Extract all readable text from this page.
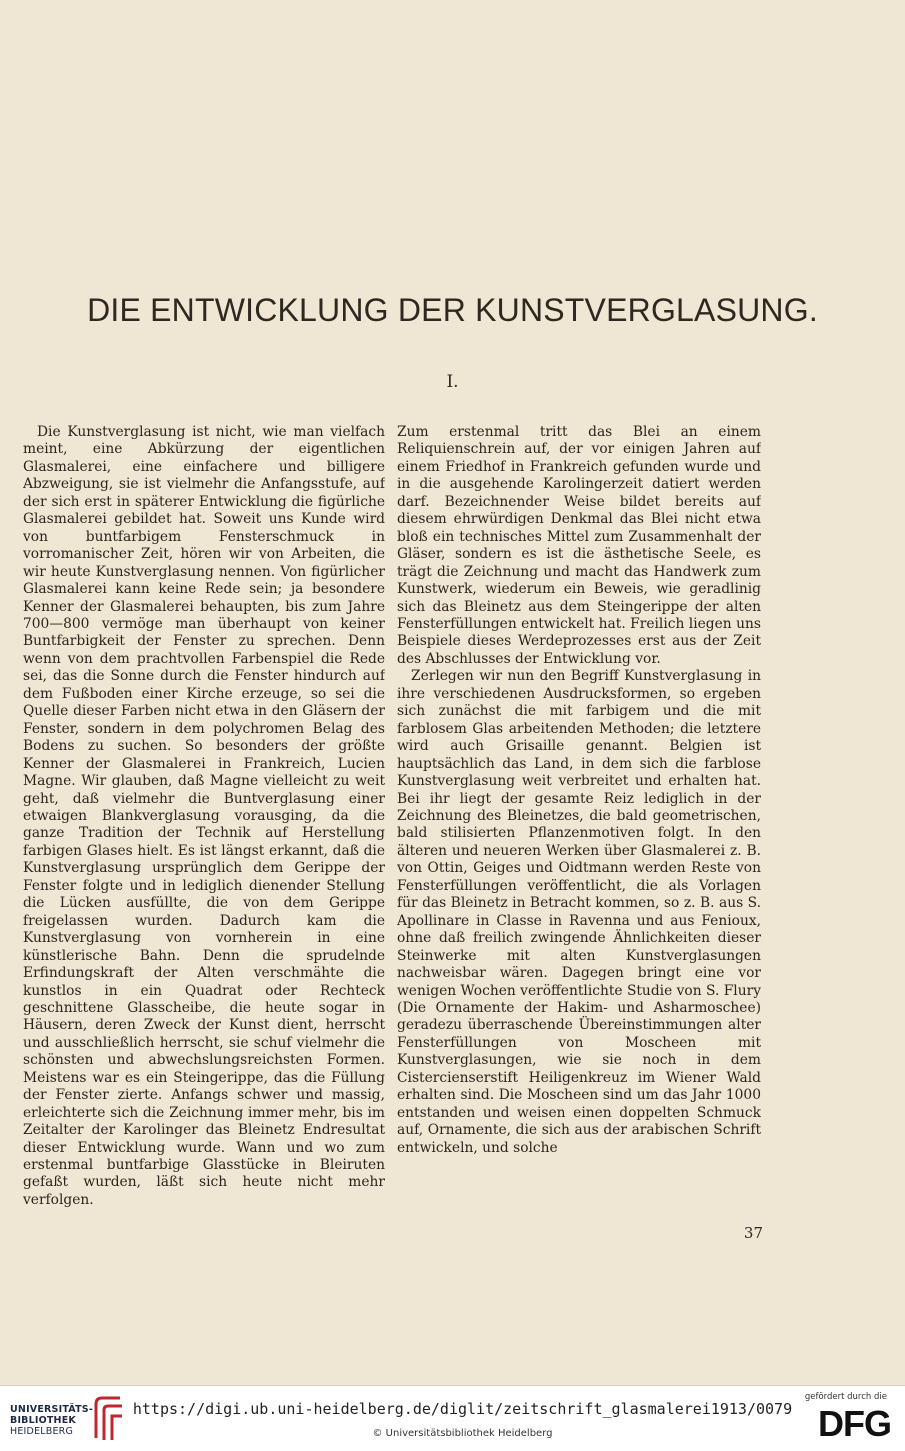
DIE ENTWICKLUNG DER KUNSTVERGLASUNG.
I.

Die Kunstverglasung ist nicht, wie man vielfach meint, eine Abkürzung der eigentlichen Glasmalerei, eine einfachere und billigere Abzweigung, sie ist vielmehr die Anfangsstufe, auf der sich erst in späterer Entwicklung die figürliche Glasmalerei gebildet hat. Soweit uns Kunde wird von buntfarbigem Fensterschmuck in vorromanischer Zeit, hören wir von Arbeiten, die wir heute Kunstverglasung nennen. Von figürlicher Glasmalerei kann keine Rede sein; ja besondere Kenner der Glasmalerei behaupten, bis zum Jahre 700—800 vermöge man überhaupt von keiner Buntfarbigkeit der Fenster zu sprechen. Denn wenn von dem prachtvollen Farbenspiel die Rede sei, das die Sonne durch die Fenster hindurch auf dem Fußboden einer Kirche erzeuge, so sei die Quelle dieser Farben nicht etwa in den Gläsern der Fenster, sondern in dem polychromen Belag des Bodens zu suchen. So besonders der größte Kenner der Glasmalerei in Frankreich, Lucien Magne. Wir glauben, daß Magne vielleicht zu weit geht, daß vielmehr die Buntverglasung einer etwaigen Blankverglasung vorausging, da die ganze Tradition der Technik auf Herstellung farbigen Glases hielt. Es ist längst erkannt, daß die Kunstverglasung ursprünglich dem Gerippe der Fenster folgte und in lediglich dienender Stellung die Lücken ausfüllte, die von dem Gerippe freigelassen wurden. Dadurch kam die Kunstverglasung von vornherein in eine künstlerische Bahn. Denn die sprudelnde Erfindungskraft der Alten verschmähte die kunstlos in ein Quadrat oder Rechteck geschnittene Glasscheibe, die heute sogar in Häusern, deren Zweck der Kunst dient, herrscht und ausschließlich herrscht, sie schuf vielmehr die schönsten und abwechslungsreichsten Formen. Meistens war es ein Steingerippe, das die Füllung der Fenster zierte. Anfangs schwer und massig, erleichterte sich die Zeichnung immer mehr, bis im Zeitalter der Karolinger das Bleinetz Endresultat dieser Entwicklung wurde. Wann und wo zum erstenmal buntfarbige Glasstücke in Bleiruten gefaßt wurden, läßt sich heute nicht mehr verfolgen.

Zum erstenmal tritt das Blei an einem Reliquienschrein auf, der vor einigen Jahren auf einem Friedhof in Frankreich gefunden wurde und in die ausgehende Karolingerzeit datiert werden darf. Bezeichnender Weise bildet bereits auf diesem ehrwürdigen Denkmal das Blei nicht etwa bloß ein technisches Mittel zum Zusammenhalt der Gläser, sondern es ist die ästhetische Seele, es trägt die Zeichnung und macht das Handwerk zum Kunstwerk, wiederum ein Beweis, wie geradlinig sich das Bleinetz aus dem Steingerippe der alten Fensterfüllungen entwickelt hat. Freilich liegen uns Beispiele dieses Werdeprozesses erst aus der Zeit des Abschlusses der Entwicklung vor.

Zerlegen wir nun den Begriff Kunstverglasung in ihre verschiedenen Ausdrucksformen, so ergeben sich zunächst die mit farbigem und die mit farblosem Glas arbeitenden Methoden; die letztere wird auch Grisaille genannt. Belgien ist hauptsächlich das Land, in dem sich die farblose Kunstverglasung weit verbreitet und erhalten hat. Bei ihr liegt der gesamte Reiz lediglich in der Zeichnung des Bleinetzes, die bald geometrischen, bald stilisierten Pflanzenmotiven folgt. In den älteren und neueren Werken über Glasmalerei z. B. von Ottin, Geiges und Oidtmann werden Reste von Fensterfüllungen veröffentlicht, die als Vorlagen für das Bleinetz in Betracht kommen, so z. B. aus S. Apollinare in Classe in Ravenna und aus Fenioux, ohne daß freilich zwingende Ähnlichkeiten dieser Steinwerke mit alten Kunstverglasungen nachweisbar wären. Dagegen bringt eine vor wenigen Wochen veröffentlichte Studie von S. Flury (Die Ornamente der Hakim- und Asharmoschee) geradezu überraschende Übereinstimmungen alter Fensterfüllungen von Moscheen mit Kunstverglasungen, wie sie noch in dem Cistercienserstift Heiligenkreuz im Wiener Wald erhalten sind. Die Moscheen sind um das Jahr 1000 entstanden und weisen einen doppelten Schmuck auf, Ornamente, die sich aus der arabischen Schrift entwickeln, und solche

37
UNIVERSITÄTS-
BIBLIOTHEK
HEIDELBERG
https://digi.ub.uni-heidelberg.de/diglit/zeitschrift_glasmalerei1913/0079
© Universitätsbibliothek Heidelberg
gefördert durch die
DFG
